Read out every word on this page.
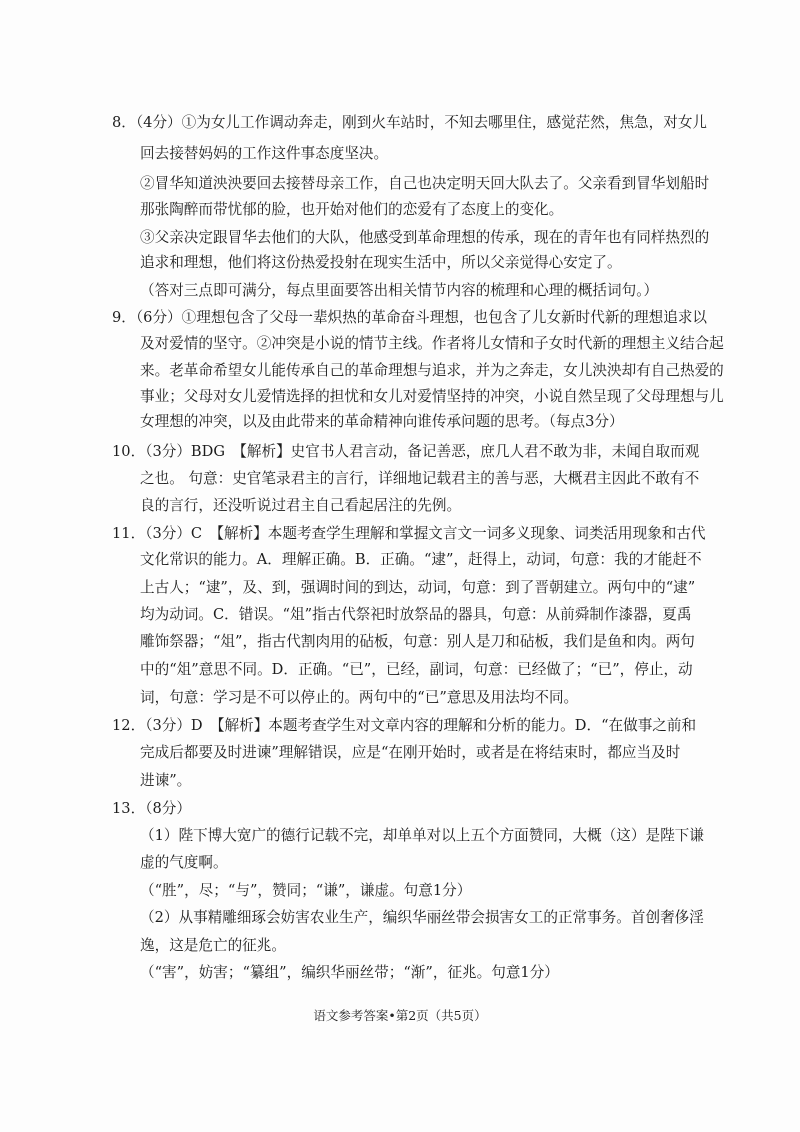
8．（4分）①为女儿工作调动奔走，刚到火车站时，不知去哪里住，感觉茫然，焦急，对女儿
回去接替妈妈的工作这件事态度坚决。
②冒华知道泱泱要回去接替母亲工作，自己也决定明天回大队去了。父亲看到冒华划船时
那张陶醉而带忧郁的脸，也开始对他们的恋爱有了态度上的变化。
③父亲决定跟冒华去他们的大队，他感受到革命理想的传承，现在的青年也有同样热烈的
追求和理想，他们将这份热爱投射在现实生活中，所以父亲觉得心安定了。
（答对三点即可满分，每点里面要答出相关情节内容的梳理和心理的概括词句。）
9．（6分）①理想包含了父母一辈炽热的革命奋斗理想，也包含了儿女新时代新的理想追求以
及对爱情的坚守。②冲突是小说的情节主线。作者将儿女情和子女时代新的理想主义结合起
来。老革命希望女儿能传承自己的革命理想与追求，并为之奔走，女儿泱泱却有自己热爱的
事业；父母对女儿爱情选择的担忧和女儿对爱情坚持的冲突，小说自然呈现了父母理想与儿
女理想的冲突，以及由此带来的革命精神向谁传承问题的思考。（每点3分）
10．（3分）BDG　【解析】史官书人君言动，备记善恶，庶几人君不敢为非，未闻自取而观
之也。 句意：史官笔录君主的言行，详细地记载君主的善与恶，大概君主因此不敢有不
良的言行，还没听说过君主自己看起居注的先例。
11．（3分）C　【解析】本题考查学生理解和掌握文言文一词多义现象、词类活用现象和古代
文化常识的能力。A．理解正确。B．正确。“逮”，赶得上，动词，句意：我的才能赶不
上古人；“逮”，及、到，强调时间的到达，动词，句意：到了晋朝建立。两句中的“逮”
均为动词。C．错误。“俎”指古代祭祀时放祭品的器具，句意：从前舜制作漆器，夏禹
雕饰祭器；“俎”，指古代割肉用的砧板，句意：别人是刀和砧板，我们是鱼和肉。两句
中的“俎”意思不同。D．正确。“已”，已经，副词，句意：已经做了；“已”，停止，动
词，句意：学习是不可以停止的。两句中的“已”意思及用法均不同。
12．（3分）D　【解析】本题考查学生对文章内容的理解和分析的能力。D．“在做事之前和
完成后都要及时进谏”理解错误，应是“在刚开始时，或者是在将结束时，都应当及时
进谏”。
13．（8分）
（1）陛下博大宽广的德行记载不完，却单单对以上五个方面赞同，大概（这）是陛下谦
虚的气度啊。
（“胜”，尽；“与”，赞同；“谦”，谦虚。句意1分）
（2）从事精雕细琢会妨害农业生产，编织华丽丝带会损害女工的正常事务。首创奢侈淫
逸，这是危亡的征兆。
（“害”，妨害；“纂组”，编织华丽丝带；“渐”，征兆。句意1分）
语文参考答案•第2页（共5页）
